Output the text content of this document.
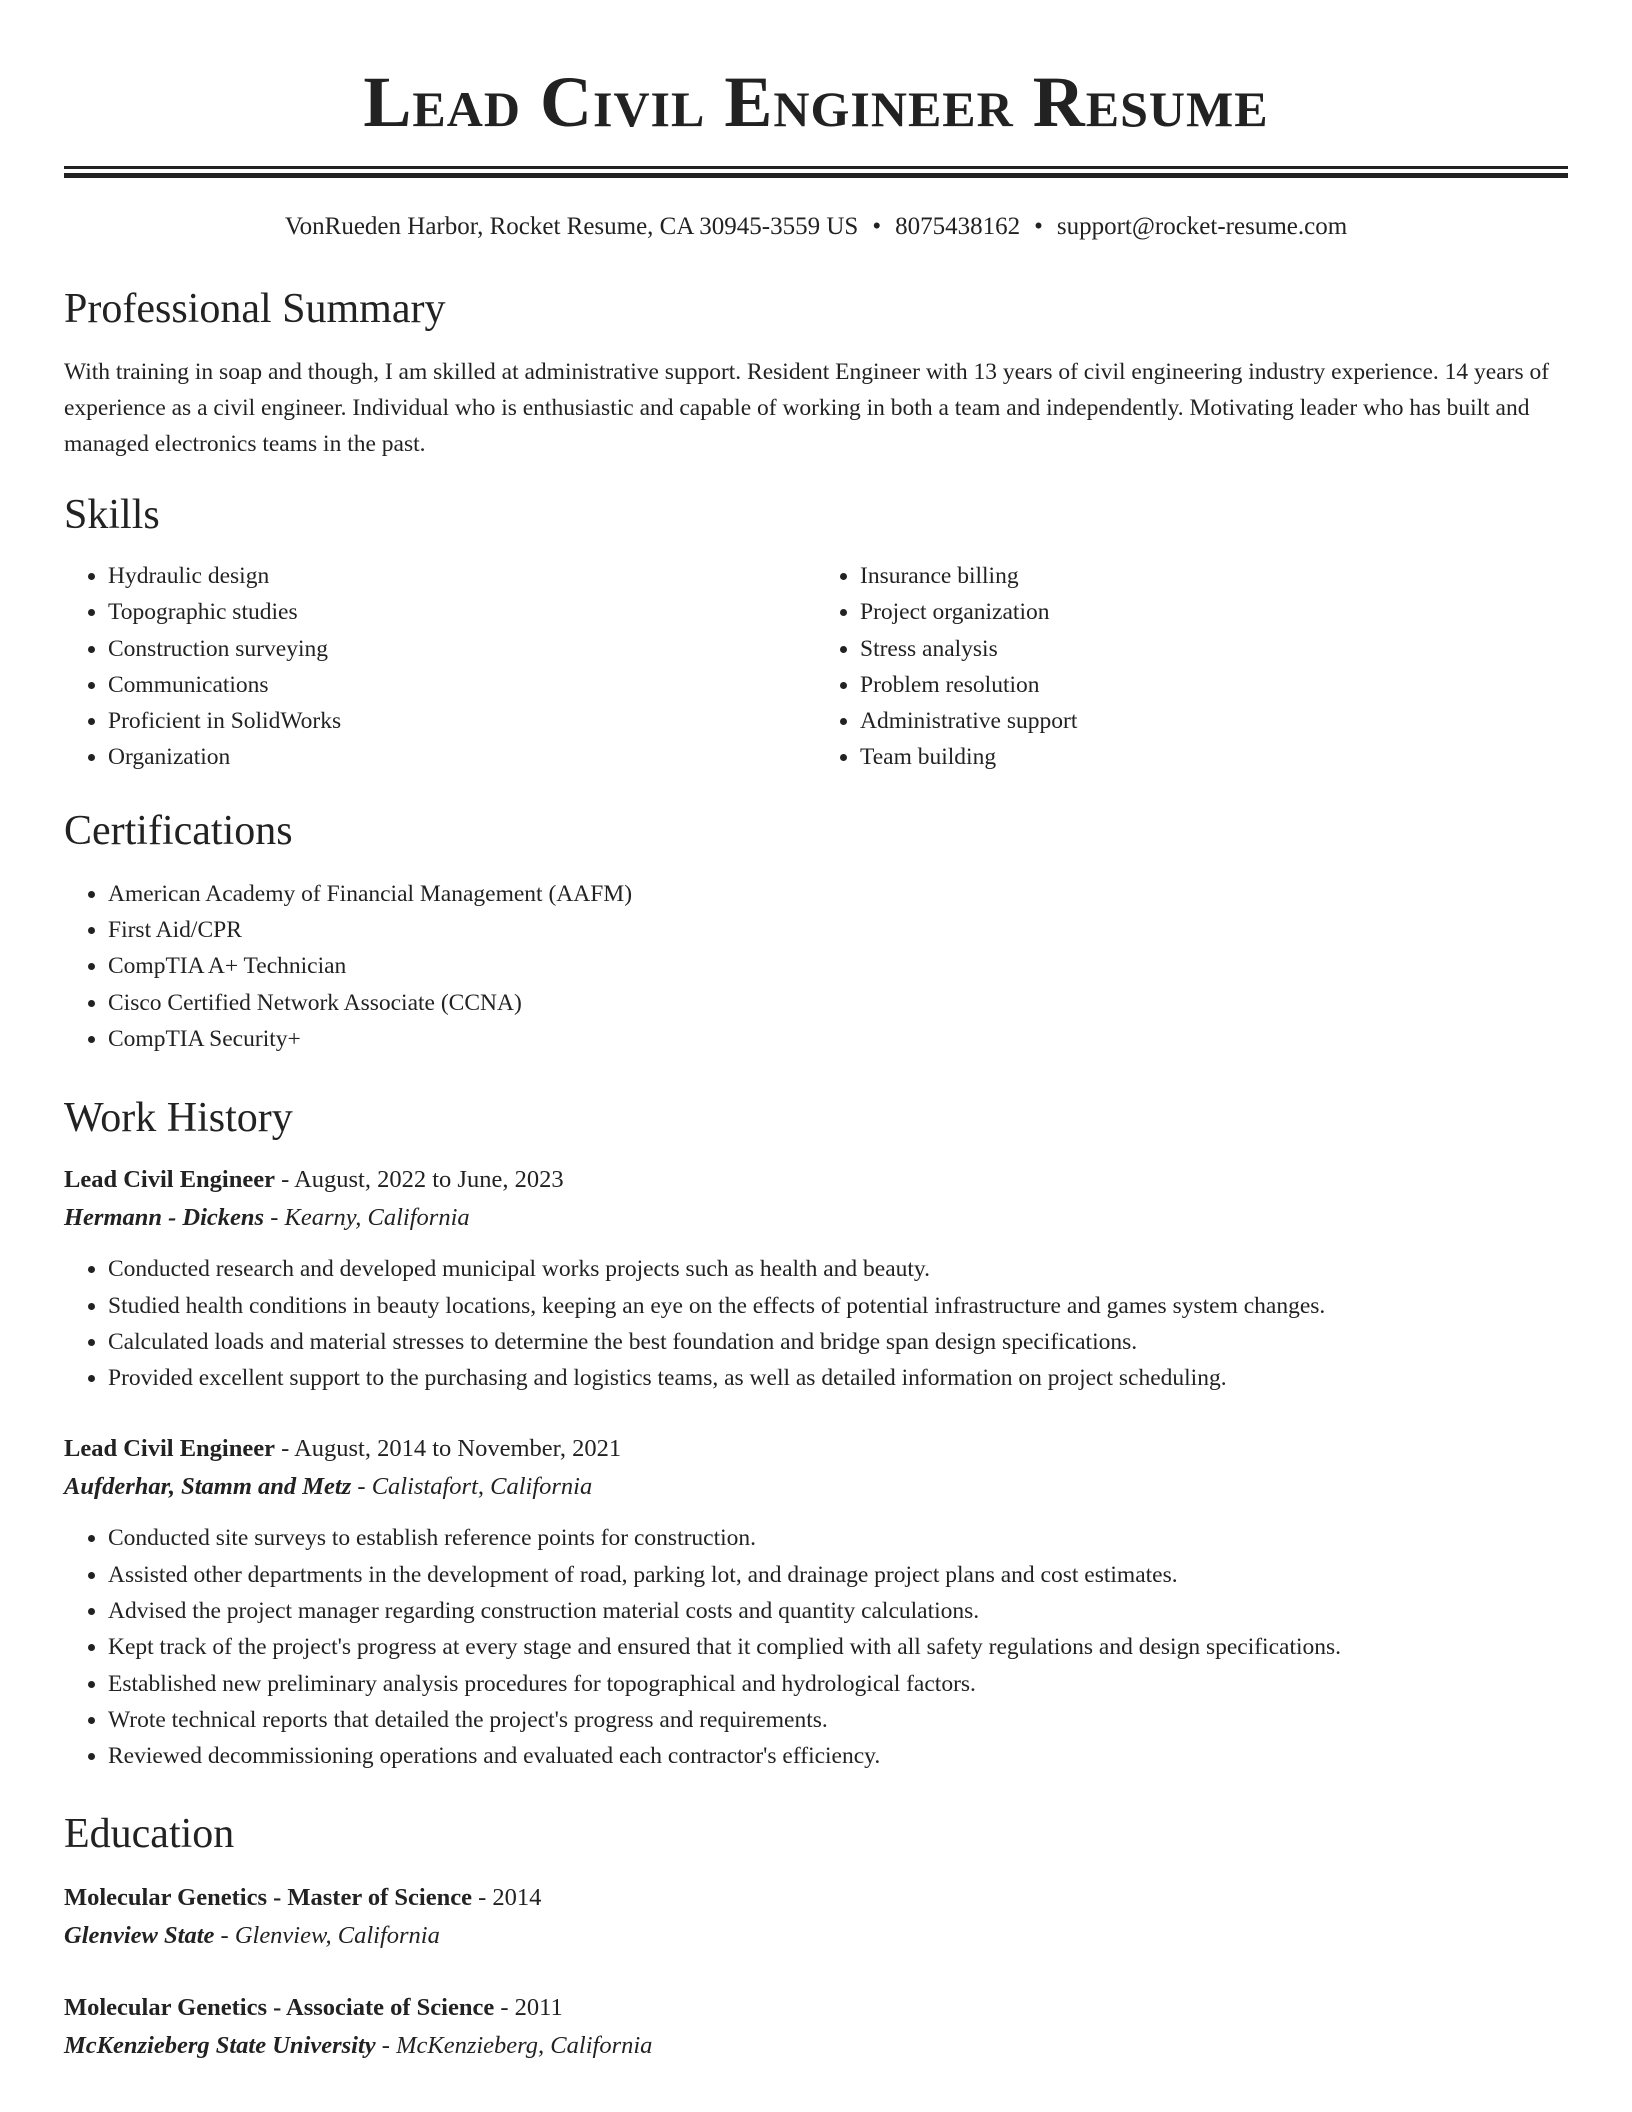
Lead Civil Engineer Resume
VonRueden Harbor, Rocket Resume, CA 30945-3559 US • 8075438162 • support@rocket-resume.com
Professional Summary

With training in soap and though, I am skilled at administrative support. Resident Engineer with 13 years of civil engineering industry experience. 14 years of experience as a civil engineer. Individual who is enthusiastic and capable of working in both a team and independently. Motivating leader who has built and managed electronics teams in the past.

Skills
• Hydraulic design
• Topographic studies
• Construction surveying
• Communications
• Proficient in SolidWorks
• Organization
• Insurance billing
• Project organization
• Stress analysis
• Problem resolution
• Administrative support
• Team building
Certifications
• American Academy of Financial Management (AAFM)
• First Aid/CPR
• CompTIA A+ Technician
• Cisco Certified Network Associate (CCNA)
• CompTIA Security+
Work History
Lead Civil Engineer - August, 2022 to June, 2023
Hermann - Dickens - Kearny, California
• Conducted research and developed municipal works projects such as health and beauty.
• Studied health conditions in beauty locations, keeping an eye on the effects of potential infrastructure and games system changes.
• Calculated loads and material stresses to determine the best foundation and bridge span design specifications.
• Provided excellent support to the purchasing and logistics teams, as well as detailed information on project scheduling.
Lead Civil Engineer - August, 2014 to November, 2021
Aufderhar, Stamm and Metz - Calistafort, California
• Conducted site surveys to establish reference points for construction.
• Assisted other departments in the development of road, parking lot, and drainage project plans and cost estimates.
• Advised the project manager regarding construction material costs and quantity calculations.
• Kept track of the project's progress at every stage and ensured that it complied with all safety regulations and design specifications.
• Established new preliminary analysis procedures for topographical and hydrological factors.
• Wrote technical reports that detailed the project's progress and requirements.
• Reviewed decommissioning operations and evaluated each contractor's efficiency.
Education
Molecular Genetics - Master of Science - 2014
Glenview State - Glenview, California
Molecular Genetics - Associate of Science - 2011
McKenzieberg State University - McKenzieberg, California
